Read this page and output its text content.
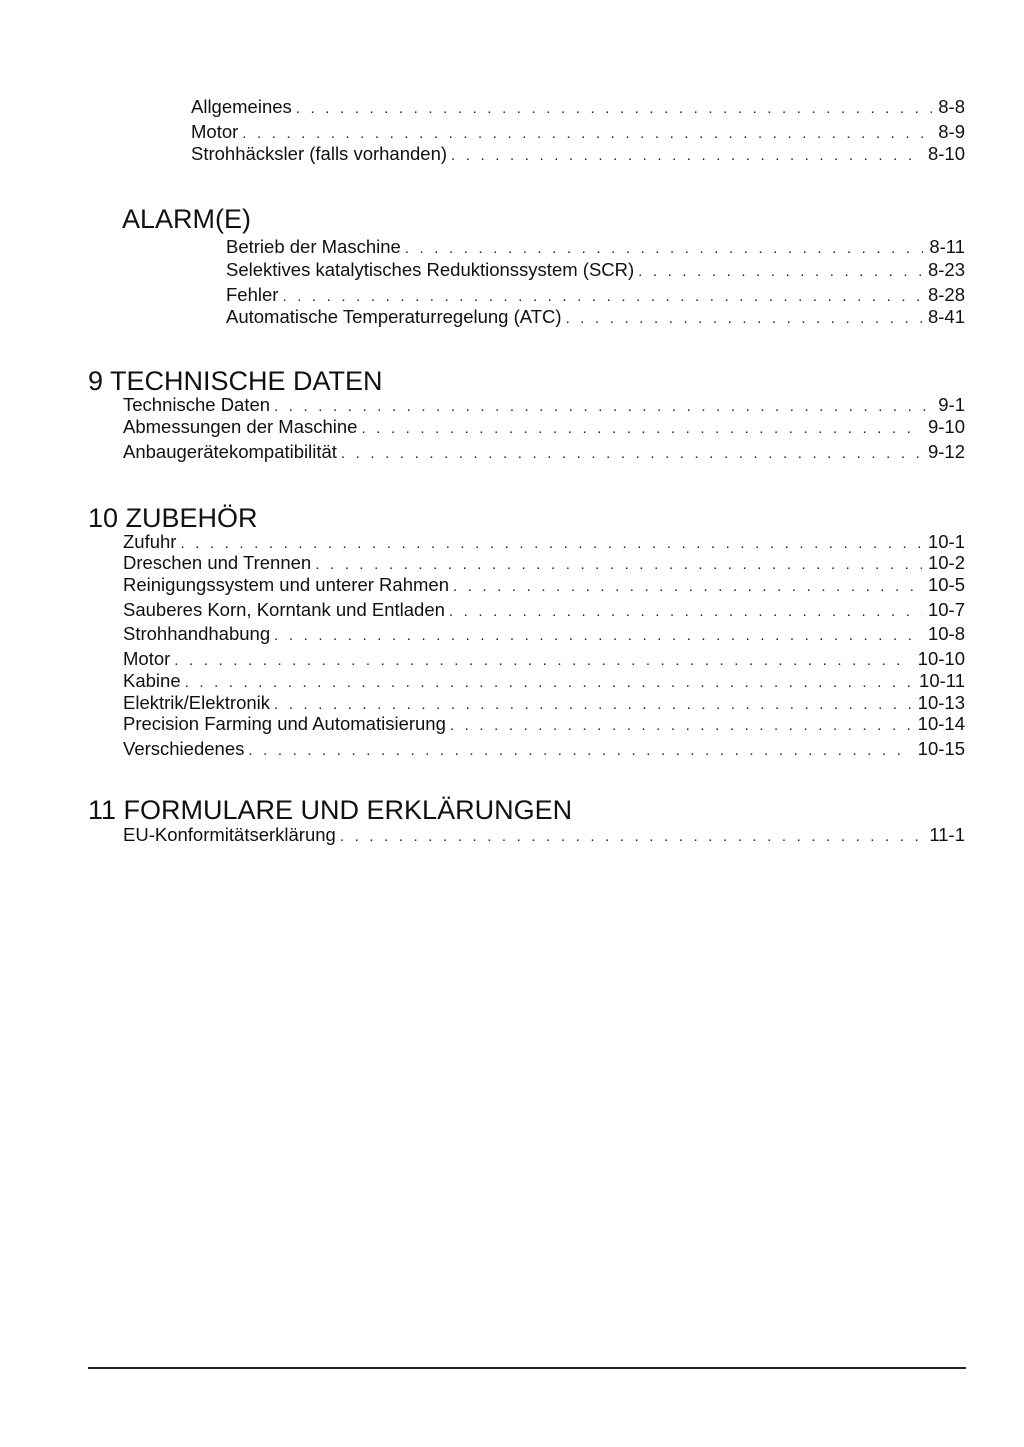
Allgemeines . . .	8-8
Motor . . .	8-9
Strohhäcksler (falls vorhanden) . . .	8-10
ALARM(E)
Betrieb der Maschine . . .	8-11
Selektives katalytisches Reduktionssystem (SCR) . . .	8-23
Fehler . . .	8-28
Automatische Temperaturregelung (ATC) . . .	8-41
9 TECHNISCHE DATEN
Technische Daten . . .	9-1
Abmessungen der Maschine . . .	9-10
Anbaugerätekompatibilität . . .	9-12
10 ZUBEHÖR
Zufuhr . . .	10-1
Dreschen und Trennen . . .	10-2
Reinigungssystem und unterer Rahmen . . .	10-5
Sauberes Korn, Korntank und Entladen . . .	10-7
Strohhandhabung . . .	10-8
Motor . . .	10-10
Kabine . . .	10-11
Elektrik/Elektronik . . .	10-13
Precision Farming und Automatisierung . . .	10-14
Verschiedenes . . .	10-15
11 FORMULARE UND ERKLÄRUNGEN
EU-Konformitätserklärung . . .	11-1
